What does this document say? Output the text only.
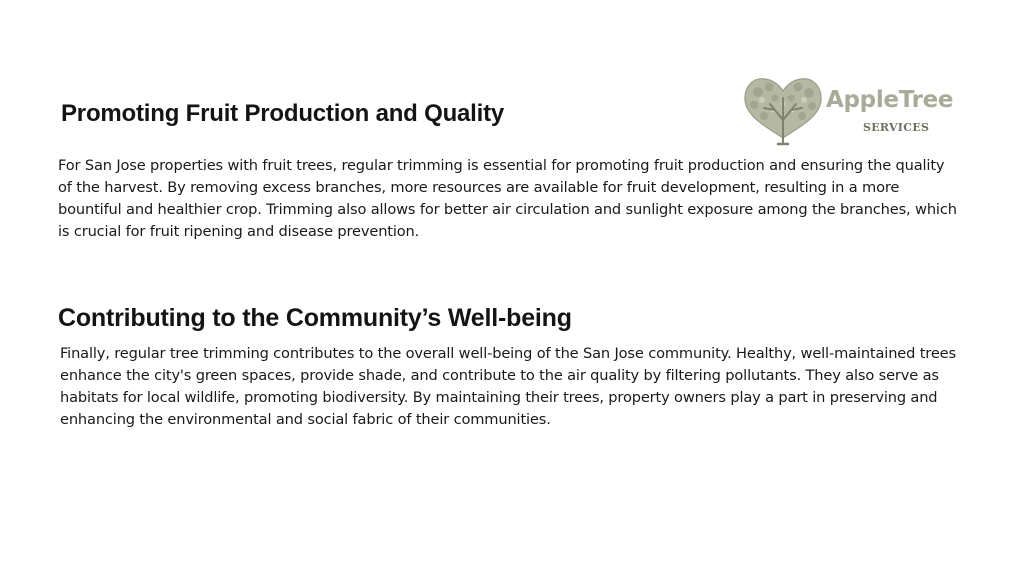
AppleTree
SERVICES
Promoting Fruit Production and Quality

For San Jose properties with fruit trees, regular trimming is essential for promoting fruit production and ensuring the quality of the harvest. By removing excess branches, more resources are available for fruit development, resulting in a more bountiful and healthier crop. Trimming also allows for better air circulation and sunlight exposure among the branches, which is crucial for fruit ripening and disease prevention.

Contributing to the Community’s Well-being

Finally, regular tree trimming contributes to the overall well-being of the San Jose community. Healthy, well-maintained trees enhance the city's green spaces, provide shade, and contribute to the air quality by filtering pollutants. They also serve as habitats for local wildlife, promoting biodiversity. By maintaining their trees, property owners play a part in preserving and enhancing the environmental and social fabric of their communities.
